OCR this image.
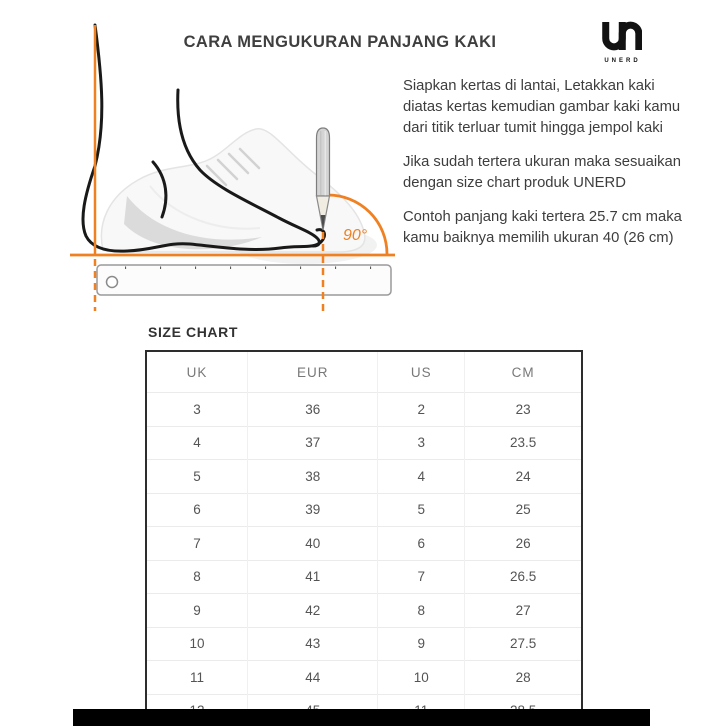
CARA MENGUKURAN PANJANG KAKI
UNERD
90°

Siapkan kertas di lantai, Letakkan kaki diatas kertas kemudian gambar kaki kamu dari titik terluar tumit hingga jempol kaki

Jika sudah tertera ukuran maka sesuaikan dengan size chart produk UNERD

Contoh panjang kaki tertera 25.7 cm maka kamu baiknya memilih ukuran 40 (26 cm)

SIZE CHART
UK	EUR	US	CM
3	36	2	23
4	37	3	23.5
5	38	4	24
6	39	5	25
7	40	6	26
8	41	7	26.5
9	42	8	27
10	43	9	27.5
11	44	10	28
